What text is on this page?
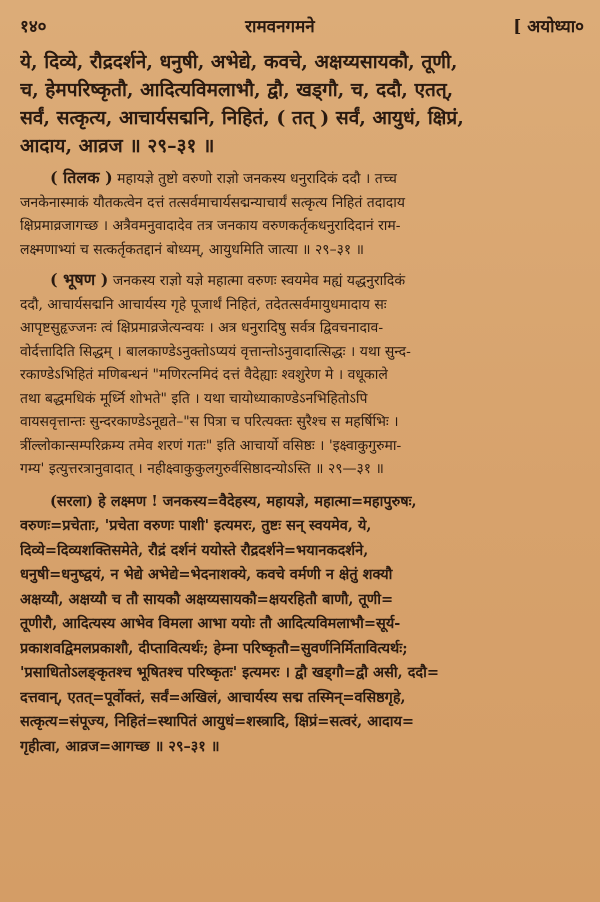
१४०	रामवनगमने	[ अयोध्या०
ये, दिव्ये, रौद्रदर्शने, धनुषी, अभेद्ये, कवचे, अक्षय्यसायकौ, तूणी,
च, हेमपरिष्कृतौ, आदित्यविमलाभौ, द्वौ, खड्गौ, च, ददौ, एतत्,
सर्वं, सत्कृत्य, आचार्यसद्मनि, निहितं, ( तत् ) सर्वं, आयुधं, क्षिप्रं,
आदाय, आव्रज ॥ २९–३१ ॥
( तिलक ) महायज्ञे तुष्टो वरुणो राज्ञो जनकस्य धनुरादिकं ददौ । तच्च
जनकेनास्माकं यौतकत्वेन दत्तं तत्सर्वमाचार्यसद्मन्याचार्यं सत्कृत्य निहितं तदादाय
क्षिप्रमाव्रजागच्छ । अत्रैवमनुवादादेव तत्र जनकाय वरुणकर्तृकधनुरादिदानं राम-
लक्ष्मणाभ्यां च सत्कर्तृकतद्दानं बोध्यम्, आयुधमिति जात्या ॥ २९–३१ ॥
( भूषण ) जनकस्य राज्ञो यज्ञे महात्मा वरुणः स्वयमेव मह्यं यद्धनुरादिकं
ददौ, आचार्यसद्मनि आचार्यस्य गृहे पूजार्थं निहितं, तदेतत्सर्वमायुधमादाय सः
आपृष्टसुहृज्जनः त्वं क्षिप्रमाव्रजेत्यन्वयः । अत्र धनुरादिषु सर्वत्र द्विवचनादाव-
वोर्दत्तादिति सिद्धम् । बालकाण्डेऽनुक्तोऽप्ययं वृत्तान्तोऽनुवादात्सिद्धः । यथा सुन्द-
रकाण्डेऽभिहितं मणिबन्धनं "मणिरत्नमिदं दत्तं वैदेह्याः श्वशुरेण मे । वधूकाले
तथा बद्धमधिकं मूर्ध्नि शोभते" इति । यथा चायोध्याकाण्डेऽनभिहितोऽपि
वायसवृत्तान्तः सुन्दरकाण्डेऽनूद्यते–"स पित्रा च परित्यक्तः सुरैश्च स महर्षिभिः ।
त्रींल्लोकान्सम्परिक्रम्य तमेव शरणं गतः" इति आचार्यो वसिष्ठः । 'इक्ष्वाकुगुरुमा-
गम्य' इत्युत्तरत्रानुवादात् । नहीक्ष्वाकुकुलगुरुर्वसिष्ठादन्योऽस्ति ॥ २९—३१ ॥
(सरला) हे लक्ष्मण ! जनकस्य=वैदेहस्य, महायज्ञे, महात्मा=महापुरुषः,
वरुणः=प्रचेताः, 'प्रचेता वरुणः पाशी' इत्यमरः, तुष्टः सन् स्वयमेव, ये,
दिव्ये=दिव्यशक्तिसमेते, रौद्रं दर्शनं ययोस्ते रौद्रदर्शने=भयानकदर्शने,
धनुषी=धनुष्द्वयं, न भेद्ये अभेद्ये=भेदनाशक्ये, कवचे वर्मणी न क्षेतुं शक्यौ
अक्षय्यौ, अक्षय्यौ च तौ सायकौ अक्षय्यसायकौ=क्षयरहितौ बाणौ, तूणी=
तूणीरौ, आदित्यस्य आभेव विमला आभा ययोः तौ आदित्यविमलाभौ=सूर्य-
प्रकाशवद्विमलप्रकाशौ, दीप्तावित्यर्थः; हेम्ना परिष्कृतौ=सुवर्णनिर्मितावित्यर्थः;
'प्रसाधितोऽलङ्कृतश्च भूषितश्च परिष्कृतः' इत्यमरः । द्वौ खड्गौ=द्वौ असी, ददौ=
दत्तवान्, एतत्=पूर्वोक्तं, सर्वं=अखिलं, आचार्यस्य सद्म तस्मिन्=वसिष्ठगृहे,
सत्कृत्य=संपूज्य, निहितं=स्थापितं आयुधं=शस्त्रादि, क्षिप्रं=सत्वरं, आदाय=
गृहीत्वा, आव्रज=आगच्छ ॥ २९–३१ ॥
